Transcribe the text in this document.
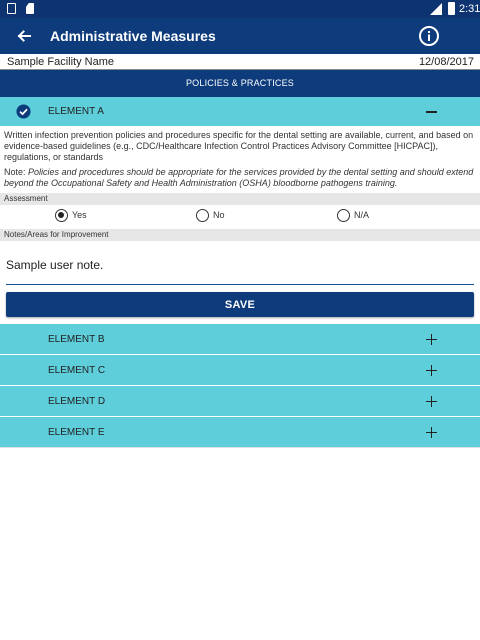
2:31
Administrative Measures
Sample Facility Name	12/08/2017
POLICIES & PRACTICES
ELEMENT A

Written infection prevention policies and procedures specific for the dental setting are available, current, and based on evidence-based guidelines (e.g., CDC/Healthcare Infection Control Practices Advisory Committee [HICPAC]), regulations, or standards

Note: Policies and procedures should be appropriate for the services provided by the dental setting and should extend beyond the Occupational Safety and Health Administration (OSHA) bloodborne pathogens training.

Assessment
Yes	No	N/A
Notes/Areas for Improvement
Sample user note.
SAVE
ELEMENT B
ELEMENT C
ELEMENT D
ELEMENT E
